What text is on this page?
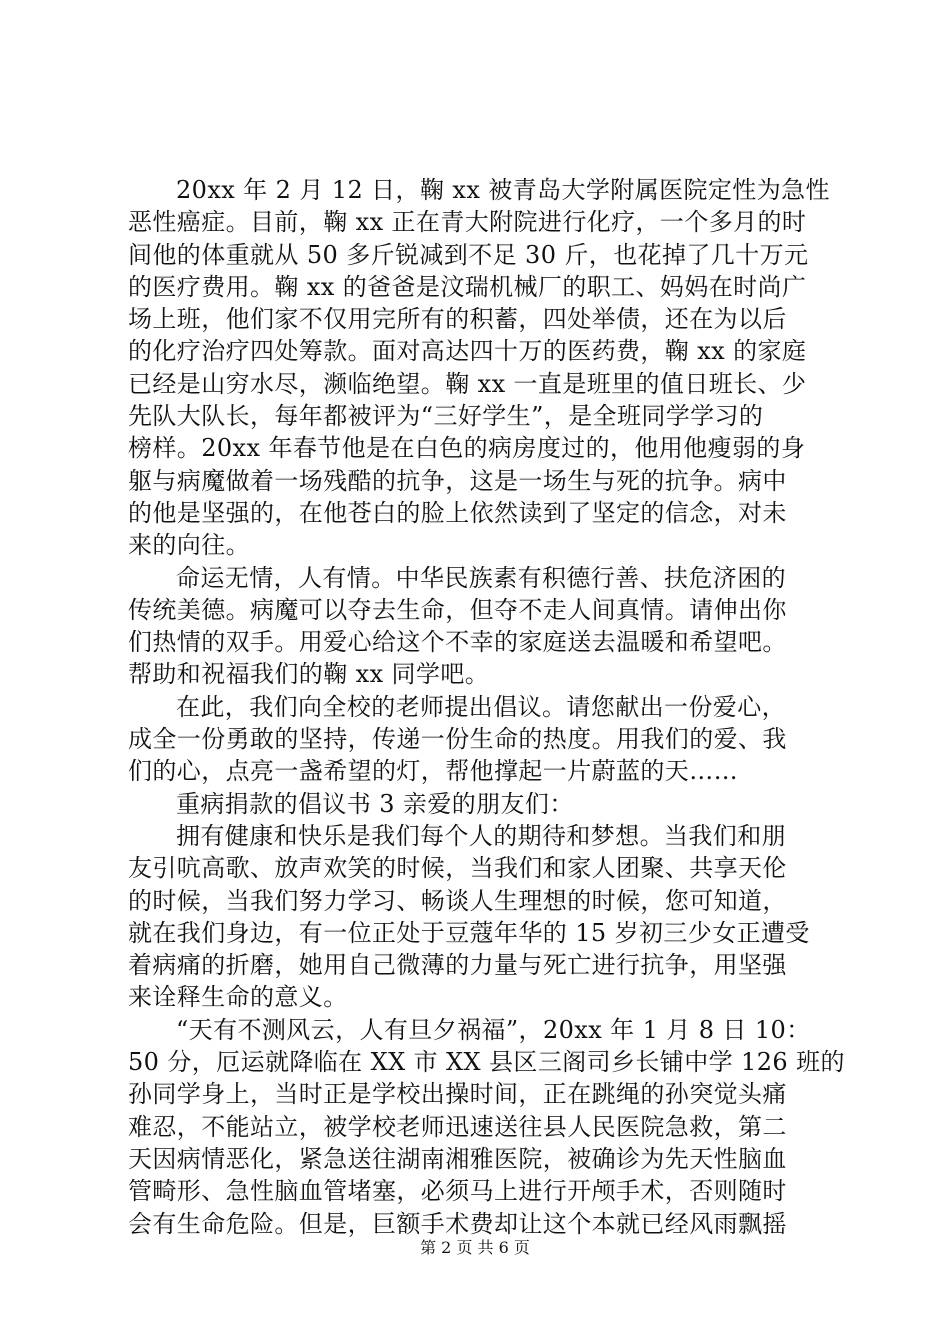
20xx 年 2 月 12 日，鞠 xx 被青岛大学附属医院定性为急性
恶性癌症。目前，鞠 xx 正在青大附院进行化疗，一个多月的时
间他的体重就从 50 多斤锐减到不足 30 斤，也花掉了几十万元
的医疗费用。鞠 xx 的爸爸是汶瑞机械厂的职工、妈妈在时尚广
场上班，他们家不仅用完所有的积蓄，四处举债，还在为以后
的化疗治疗四处筹款。面对高达四十万的医药费，鞠 xx 的家庭
已经是山穷水尽，濒临绝望。鞠 xx 一直是班里的值日班长、少
先队大队长，每年都被评为“三好学生”，是全班同学学习的
榜样。20xx 年春节他是在白色的病房度过的，他用他瘦弱的身
躯与病魔做着一场残酷的抗争，这是一场生与死的抗争。病中
的他是坚强的，在他苍白的脸上依然读到了坚定的信念，对未
来的向往。
命运无情，人有情。中华民族素有积德行善、扶危济困的
传统美德。病魔可以夺去生命，但夺不走人间真情。请伸出你
们热情的双手。用爱心给这个不幸的家庭送去温暖和希望吧。
帮助和祝福我们的鞠 xx 同学吧。
在此，我们向全校的老师提出倡议。请您献出一份爱心，
成全一份勇敢的坚持，传递一份生命的热度。用我们的爱、我
们的心，点亮一盏希望的灯，帮他撑起一片蔚蓝的天……
重病捐款的倡议书 3 亲爱的朋友们：
拥有健康和快乐是我们每个人的期待和梦想。当我们和朋
友引吭高歌、放声欢笑的时候，当我们和家人团聚、共享天伦
的时候，当我们努力学习、畅谈人生理想的时候，您可知道，
就在我们身边，有一位正处于豆蔻年华的 15 岁初三少女正遭受
着病痛的折磨，她用自己微薄的力量与死亡进行抗争，用坚强
来诠释生命的意义。
“天有不测风云，人有旦夕祸福”，20xx 年 1 月 8 日 10：
50 分，厄运就降临在 XX 市 XX 县区三阁司乡长铺中学 126 班的
孙同学身上，当时正是学校出操时间，正在跳绳的孙突觉头痛
难忍，不能站立，被学校老师迅速送往县人民医院急救，第二
天因病情恶化，紧急送往湖南湘雅医院，被确诊为先天性脑血
管畸形、急性脑血管堵塞，必须马上进行开颅手术，否则随时
会有生命危险。但是，巨额手术费却让这个本就已经风雨飘摇
第 2 页 共 6 页
